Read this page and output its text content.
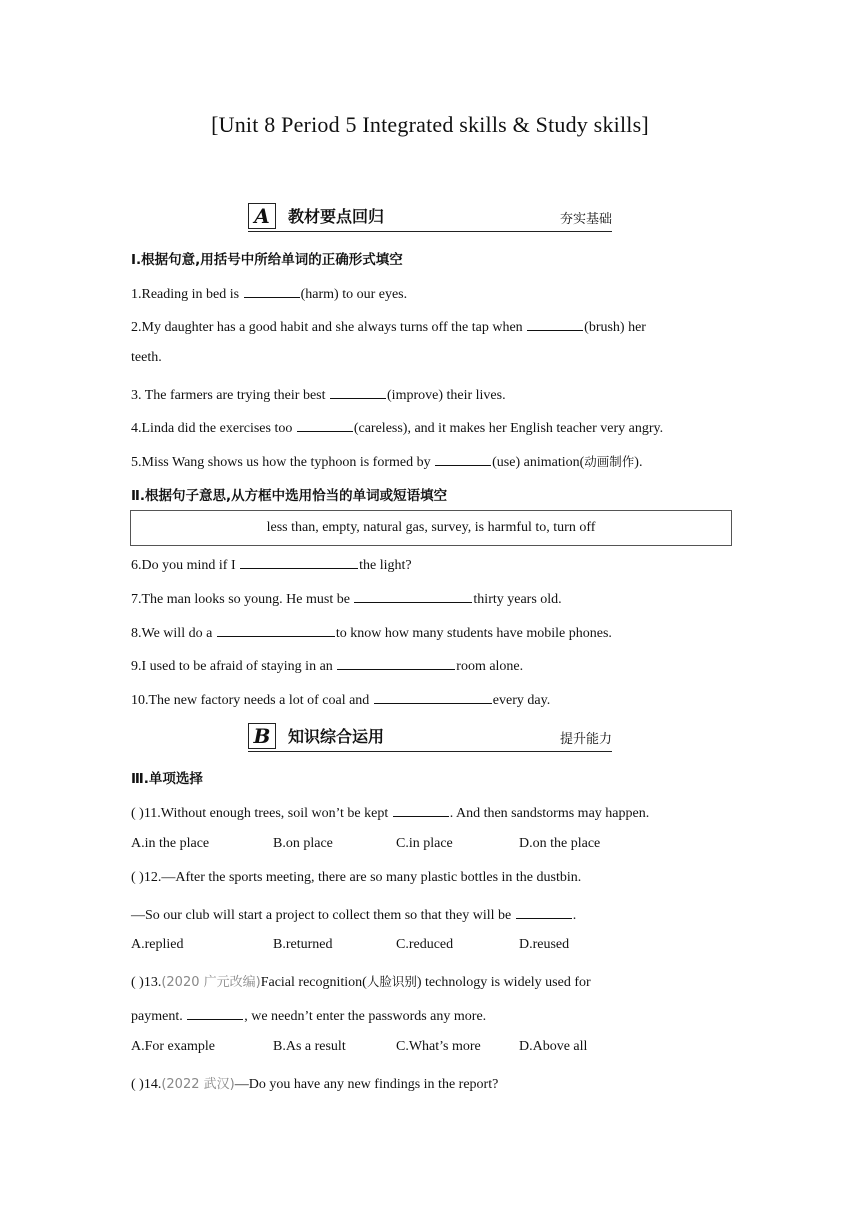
[Unit 8 Period 5 Integrated skills & Study skills]
A	教材要点回归	夯实基础
Ⅰ.根据句意,用括号中所给单词的正确形式填空
1.Reading in bed is	(harm) to our eyes.
2.My daughter has a good habit and she always turns off the tap when	(brush) her
teeth.
3. The farmers are trying their best	(improve) their lives.
4.Linda did the exercises too	(careless), and it makes her English teacher very angry.
5.Miss Wang shows us how the typhoon is formed by	(use) animation(动画制作).
Ⅱ.根据句子意思,从方框中选用恰当的单词或短语填空
less than, empty, natural gas, survey, is harmful to, turn off
6.Do you mind if I	the light?
7.The man looks so young. He must be	thirty years old.
8.We will do a	to know how many students have mobile phones.
9.I used to be afraid of staying in an	room alone.
10.The new factory needs a lot of coal and	every day.
B	知识综合运用	提升能力
Ⅲ.单项选择
( )11.Without enough trees, soil won’t be kept	. And then sandstorms may happen.
A.in the place	B.on place	C.in place	D.on the place
( )12.—After the sports meeting, there are so many plastic bottles in the dustbin.
—So our club will start a project to collect them so that they will be	.
A.replied	B.returned	C.reduced	D.reused
( )13.(2020 广元改编)Facial recognition(人脸识别) technology is widely used for
payment.	, we needn’t enter the passwords any more.
A.For example	B.As a result	C.What’s more	D.Above all
( )14.(2022 武汉)—Do you have any new findings in the report?
